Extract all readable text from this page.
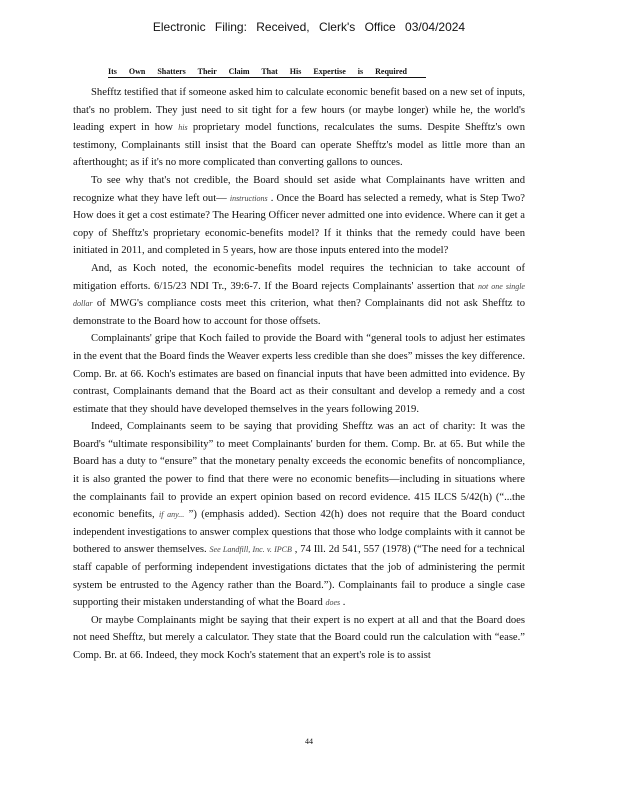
Electronic Filing: Received, Clerk's Office 03/04/2024
Its Own Shatters Their Claim That His Expertise is Required

Shefftz testified that if someone asked him to calculate economic benefit based on a new set of inputs, that's no problem. They just need to sit tight for a few hours (or maybe longer) while he, the world's leading expert in how his proprietary model functions, recalculates the sums. Despite Shefftz's own testimony, Complainants still insist that the Board can operate Shefftz's model as little more than an afterthought; as if it's no more complicated than converting gallons to ounces.

To see why that's not credible, the Board should set aside what Complainants have written and recognize what they have left out— instructions . Once the Board has selected a remedy, what is Step Two? How does it get a cost estimate? The Hearing Officer never admitted one into evidence. Where can it get a copy of Shefftz's proprietary economic-benefits model? If it thinks that the remedy could have been initiated in 2011, and completed in 5 years, how are those inputs entered into the model?

And, as Koch noted, the economic-benefits model requires the technician to take account of mitigation efforts. 6/15/23 NDI Tr., 39:6-7. If the Board rejects Complainants' assertion that not one single dollar of MWG's compliance costs meet this criterion, what then? Complainants did not ask Shefftz to demonstrate to the Board how to account for those offsets.

Complainants' gripe that Koch failed to provide the Board with “general tools to adjust her estimates in the event that the Board finds the Weaver experts less credible than she does” misses the key difference. Comp. Br. at 66. Koch's estimates are based on financial inputs that have been admitted into evidence. By contrast, Complainants demand that the Board act as their consultant and develop a remedy and a cost estimate that they should have developed themselves in the years following 2019.

Indeed, Complainants seem to be saying that providing Shefftz was an act of charity: It was the Board's “ultimate responsibility” to meet Complainants' burden for them. Comp. Br. at 65. But while the Board has a duty to “ensure” that the monetary penalty exceeds the economic benefits of noncompliance, it is also granted the power to find that there were no economic benefits—including in situations where the complainants fail to provide an expert opinion based on record evidence. 415 ILCS 5/42(h) (“...the economic benefits, if any... ”) (emphasis added). Section 42(h) does not require that the Board conduct independent investigations to answer complex questions that those who lodge complaints with it cannot be bothered to answer themselves. See Landfill, Inc. v. IPCB , 74 Ill. 2d 541, 557 (1978) (“The need for a technical staff capable of performing independent investigations dictates that the job of administering the permit system be entrusted to the Agency rather than the Board.”). Complainants fail to produce a single case supporting their mistaken understanding of what the Board does .

Or maybe Complainants might be saying that their expert is no expert at all and that the Board does not need Shefftz, but merely a calculator. They state that the Board could run the calculation with “ease.” Comp. Br. at 66. Indeed, they mock Koch's statement that an expert's role is to assist

44
